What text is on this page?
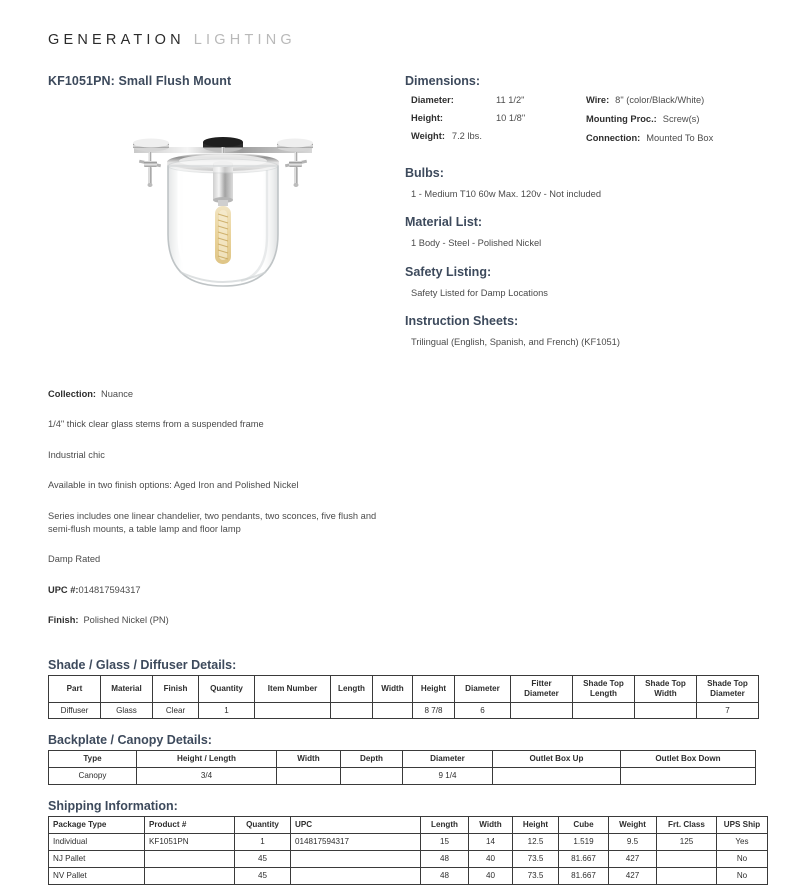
GENERATION LIGHTING
KF1051PN: Small Flush Mount	Dimensions:
Diameter:	11 1/2"
Height:	10 1/8"
Weight: 7.2 lbs.
Wire: 8" (color/Black/White)
Mounting Proc.: Screw(s)
Connection: Mounted To Box
Bulbs:
1 - Medium T10 60w Max. 120v - Not included
Material List:
1 Body - Steel - Polished Nickel
Safety Listing:
Safety Listed for Damp Locations
Instruction Sheets:
Trilingual (English, Spanish, and French) (KF1051)

Collection: Nuance

1/4" thick clear glass stems from a suspended frame

Industrial chic

Available in two finish options: Aged Iron and Polished Nickel

Series includes one linear chandelier, two pendants, two sconces, five flush and semi-flush mounts, a table lamp and floor lamp

Damp Rated

UPC #:014817594317

Finish: Polished Nickel (PN)

Shade / Glass / Diffuser Details:
Part	Material	Finish	Quantity	Item Number	Length	Width	Height	Diameter	Fitter Diameter	Shade Top Length	Shade Top Width	Shade Top Diameter
Diffuser	Glass	Clear	1				8 7/8	6				7
Backplate / Canopy Details:
Type	Height / Length	Width	Depth	Diameter	Outlet Box Up	Outlet Box Down
Canopy	3/4			9 1/4		
Shipping Information:
Package Type	Product #	Quantity	UPC	Length	Width	Height	Cube	Weight	Frt. Class	UPS Ship
Individual	KF1051PN	1	014817594317	15	14	12.5	1.519	9.5	125	Yes
NJ Pallet		45		48	40	73.5	81.667	427		No
NV Pallet		45		48	40	73.5	81.667	427		No
